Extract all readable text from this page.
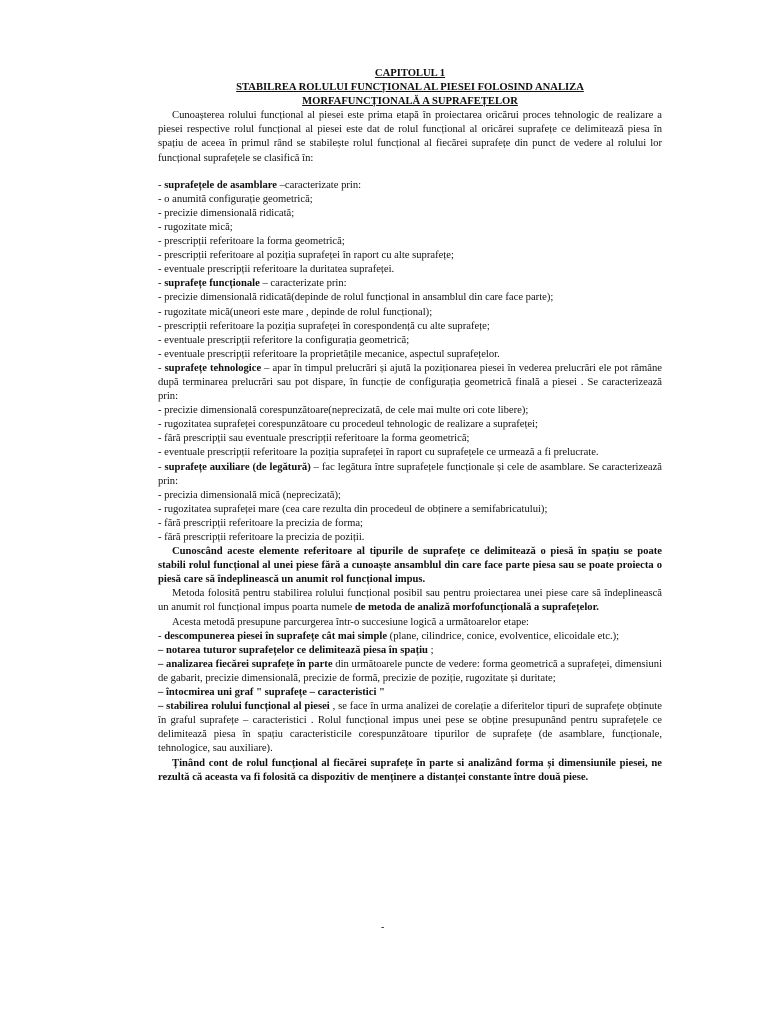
CAPITOLUL 1
STABILREA ROLULUI FUNCȚIONAL AL PIESEI FOLOSIND ANALIZA
MORFAFUNCȚIONALĂ A SUPRAFEȚELOR

Cunoașterea rolului funcțional al piesei este prima etapă în proiectarea oricărui proces tehnologic de realizare a piesei respective rolul funcțional al piesei este dat de rolul funcțional al oricărei suprafețe ce delimitează piesa în spațiu de aceea în primul rând se stabilește rolul funcțional al fiecărei suprafețe din punct de vedere al rolului lor funcțional suprafețele se clasifică în:

- suprafețele de asamblare –caracterizate prin:

- o anumită configurație geometrică;

- precizie dimensională ridicată;

- rugozitate mică;

- prescripții referitoare la forma geometrică;

- prescripții referitoare al poziția suprafeței în raport cu alte suprafețe;

- eventuale prescripții referitoare la duritatea suprafeței.

- suprafețe funcționale – caracterizate prin:

- precizie dimensională ridicată(depinde de rolul funcțional in ansamblul din care face parte);

- rugozitate mică(uneori este mare , depinde de rolul funcțional);

- prescripții referitoare la poziția suprafeței în corespondență cu alte suprafețe;

- eventuale prescripții referitore la configurația geometrică;

- eventuale prescripții referitoare la proprietățile mecanice, aspectul suprafețelor.

- suprafețe tehnologice – apar în timpul prelucrări și ajută la poziționarea piesei în vederea prelucrări ele pot rămâne după terminarea prelucrări sau pot dispare, în funcție de configurația geometrică finală a piesei . Se caracterizează prin:

- precizie dimensională corespunzătoare(neprecizată, de cele mai multe ori cote libere);

- rugozitatea suprafeței corespunzătoare cu procedeul tehnologic de realizare a suprafeței;

- fără prescripții sau eventuale prescripții referitoare la forma geometrică;

- eventuale prescripții referitoare la poziția suprafeței în raport cu suprafețele ce urmează a fi prelucrate.

- suprafețe auxiliare (de legătură) – fac legătura între suprafețele funcționale și cele de asamblare. Se caracterizează prin:

- precizia dimensională mică (neprecizată);

- rugozitatea suprafeței mare (cea care rezulta din procedeul de obținere a semifabricatului);

- fără prescripții referitoare la precizia de forma;

- fără prescripții referitoare la precizia de poziții.

Cunoscând aceste elemente referitoare al tipurile de suprafețe ce delimitează o piesă în spațiu se poate stabili rolul funcțional al unei piese fără a cunoaște ansamblul din care face parte piesa sau se poate proiecta o piesă care să îndeplinească un anumit rol funcțional impus.

Metoda folosită pentru stabilirea rolului funcțional posibil sau pentru proiectarea unei piese care să îndeplinească un anumit rol funcțional impus poarta numele de metoda de analiză morfofuncțională a suprafețelor.

Acesta metodă presupune parcurgerea într-o succesiune logică a următoarelor etape:

- descompunerea piesei în suprafețe cât mai simple (plane, cilindrice, conice, evolventice, elicoidale etc.);

– notarea tuturor suprafețelor ce delimitează piesa în spațiu ;

– analizarea fiecărei suprafețe în parte din următoarele puncte de vedere: forma geometrică a suprafeței, dimensiuni de gabarit, precizie dimensională, precizie de formă, precizie de poziție, rugozitate și duritate;

– întocmirea uni graf " suprafețe – caracteristici "

– stabilirea rolului funcțional al piesei , se face în urma analizei de corelație a diferitelor tipuri de suprafețe obținute în graful suprafețe – caracteristici . Rolul funcțional impus unei pese se obține presupunând pentru suprafețele ce delimitează piesa în spațiu caracteristicile corespunzătoare tipurilor de suprafețe (de asamblare, funcționale, tehnologice, sau auxiliare).

Ținând cont de rolul funcțional al fiecărei suprafețe în parte si analizând forma și dimensiunile piesei, ne rezultă că aceasta va fi folosită ca dispozitiv de menținere a distanței constante între două piese.

-
